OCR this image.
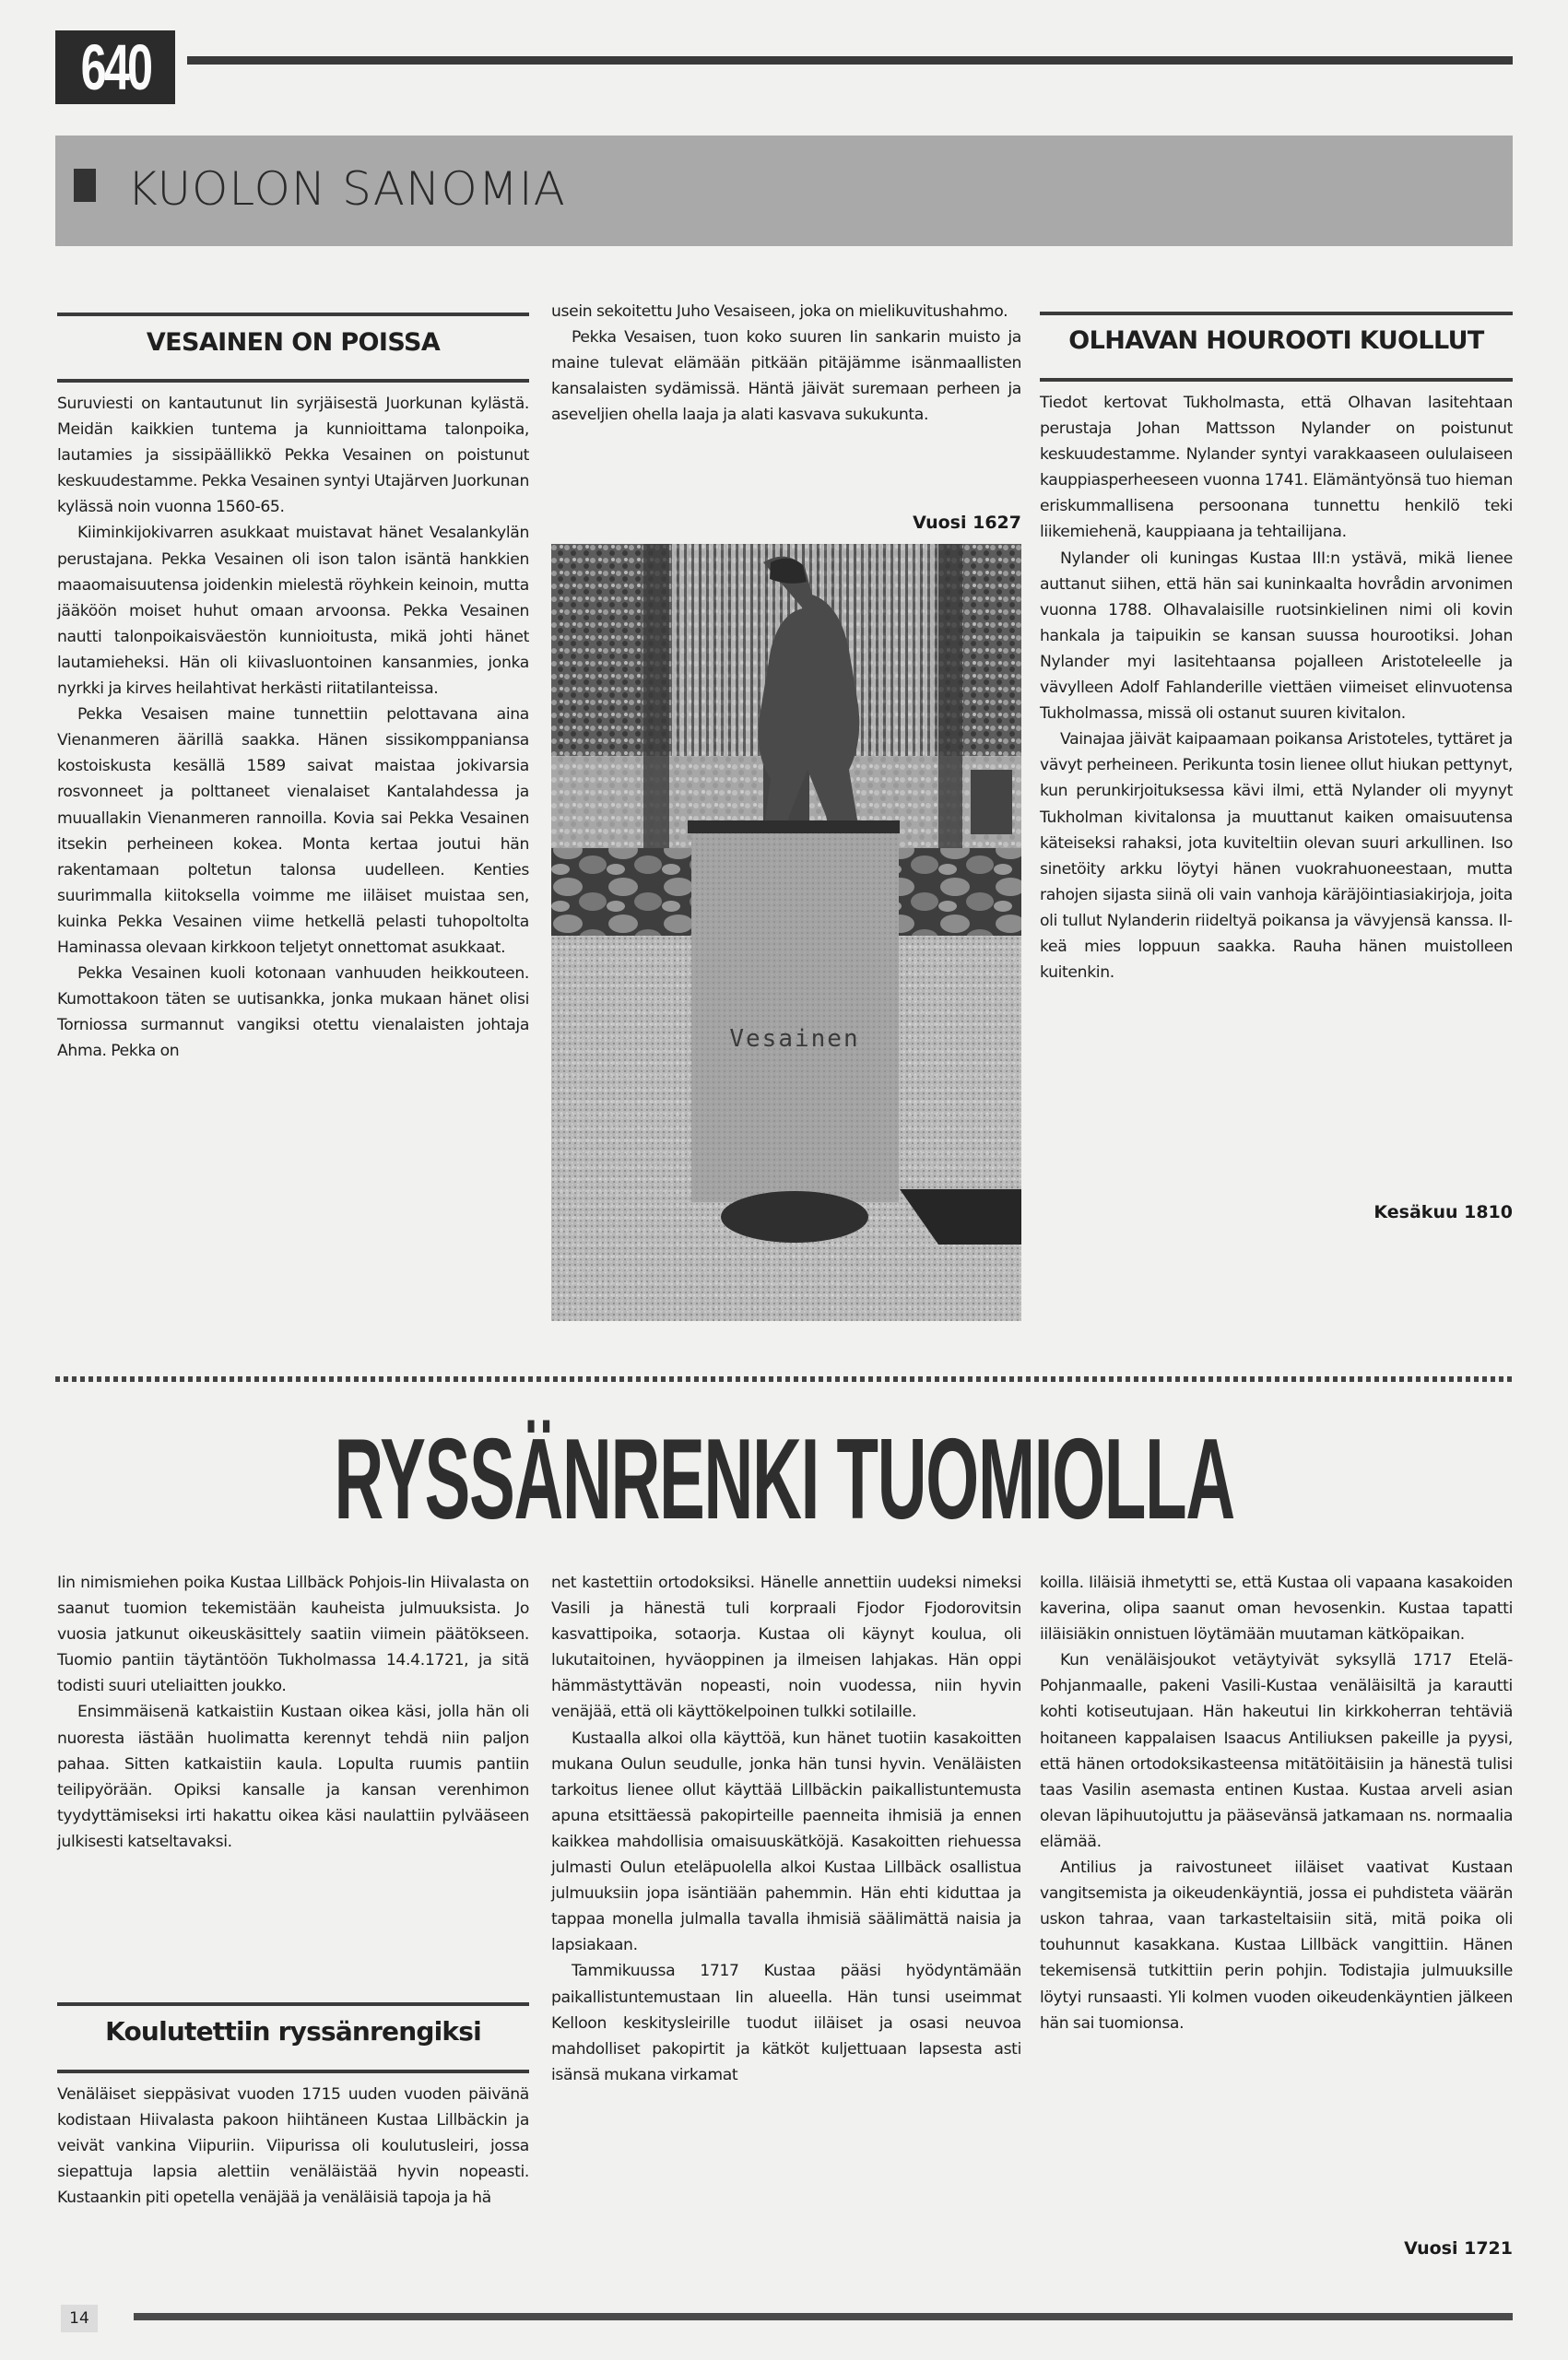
640
KUOLON SANOMIA
VESAINEN ON POISSA

Suruviesti on kantautunut Iin syrjäisestä Juorkunan kylästä. Meidän kaikkien tuntema ja kunnioittama talonpoika, lautamies ja sissipäällikkö Pekka Vesainen on poistunut keskuudestamme. Pekka Vesainen syntyi Utajärven Juorkunan kylässä noin vuonna 1560-65.

Kiiminkijokivarren asukkaat muistavat hänet Vesalankylän perustajana. Pekka Vesainen oli ison talon isäntä hankkien maaomaisuutensa joidenkin mielestä röyhkein keinoin, mutta jääköön moiset huhut omaan arvoonsa. Pekka Vesainen nautti talonpoikaisväestön kunnioitusta, mikä johti hänet lautamieheksi. Hän oli kiivasluontoinen kansanmies, jonka nyrkki ja kirves heilahtivat herkästi riitatilanteissa.

Pekka Vesaisen maine tunnettiin pelottavana aina Vienanmeren äärillä saakka. Hänen sissikomppaniansa kostoiskusta kesällä 1589 saivat maistaa jokivarsia rosvonneet ja polttaneet vienalaiset Kantalahdessa ja muuallakin Vienanmeren rannoilla. Kovia sai Pekka Vesainen itsekin perheineen kokea. Monta kertaa joutui hän rakentamaan poltetun talonsa uudelleen. Kenties suurimmalla kiitoksella voimme me iiläiset muistaa sen, kuinka Pekka Vesainen viime hetkellä pelasti tuhopoltolta Haminassa olevaan kirkkoon teljetyt onnettomat asukkaat.

Pekka Vesainen kuoli kotonaan vanhuuden heikkouteen. Kumottakoon täten se uutisankka, jonka mukaan hänet olisi Torniossa surmannut vangiksi otettu vienalaisten johtaja Ahma. Pekka on

usein sekoitettu Juho Vesaiseen, joka on mielikuvitushahmo.

Pekka Vesaisen, tuon koko suuren Iin sankarin muisto ja maine tulevat elämään pitkään pitäjämme isänmaallisten kansalaisten sydämissä. Häntä jäivät suremaan perheen ja aseveljien ohella laaja ja alati kasvava sukukunta.

Vuosi 1627
Vesainen
OLHAVAN HOUROOTI KUOLLUT

Tiedot kertovat Tukholmasta, että Olhavan lasitehtaan perustaja Johan Mattsson Nylander on poistunut keskuudestamme. Nylander syntyi varakkaaseen oululaiseen kauppiasperheeseen vuonna 1741. Elämäntyönsä tuo hieman eriskummallisena persoonana tunnettu henkilö teki liikemiehenä, kauppiaana ja tehtailijana.

Nylander oli kuningas Kustaa III:n ystävä, mikä lienee auttanut siihen, että hän sai kuninkaalta hovrådin arvonimen vuonna 1788. Olhavalaisille ruotsinkielinen nimi oli kovin hankala ja taipuikin se kansan suussa hourootiksi. Johan Nylander myi lasitehtaansa pojalleen Aristoteleelle ja vävylleen Adolf Fahlanderille viettäen viimeiset elinvuotensa Tukholmassa, missä oli ostanut suuren kivitalon.

Vainajaa jäivät kaipaamaan poikansa Aristoteles, tyttäret ja vävyt perheineen. Perikunta tosin lienee ollut hiukan pettynyt, kun perunkirjoituksessa kävi ilmi, että Nylander oli myynyt Tukholman kivitalonsa ja muuttanut kaiken omaisuutensa käteiseksi rahaksi, jota kuviteltiin olevan suuri arkullinen. Iso sinetöity arkku löytyi hänen vuokrahuoneestaan, mutta rahojen sijasta siinä oli vain vanhoja käräjöintiasiakirjoja, joita oli tullut Nylanderin riideltyä poikansa ja vävyjensä kanssa. Ilkeä mies loppuun saakka. Rauha hänen muistolleen kuitenkin.

Kesäkuu 1810
RYSSÄNRENKI TUOMIOLLA

Iin nimismiehen poika Kustaa Lillbäck Pohjois-Iin Hiivalasta on saanut tuomion tekemistään kauheista julmuuksista. Jo vuosia jatkunut oikeuskäsittely saatiin viimein päätökseen. Tuomio pantiin täytäntöön Tukholmassa 14.4.1721, ja sitä todisti suuri uteliaitten joukko.

Ensimmäisenä katkaistiin Kustaan oikea käsi, jolla hän oli nuoresta iästään huolimatta kerennyt tehdä niin paljon pahaa. Sitten katkaistiin kaula. Lopulta ruumis pantiin teilipyörään. Opiksi kansalle ja kansan verenhimon tyydyttämiseksi irti hakattu oikea käsi naulattiin pylvääseen julkisesti katseltavaksi.

Koulutettiin ryssänrengiksi

Venäläiset sieppäsivat vuoden 1715 uuden vuoden päivänä kodistaan Hiivalasta pakoon hiihtäneen Kustaa Lillbäckin ja veivät vankina Viipuriin. Viipurissa oli koulutusleiri, jossa siepattuja lapsia alettiin venäläistää hyvin nopeasti. Kustaankin piti opetella venäjää ja venäläisiä tapoja ja hä

net kastettiin ortodoksiksi. Hänelle annettiin uudeksi nimeksi Vasili ja hänestä tuli korpraali Fjodor Fjodorovitsin kasvattipoika, sotaorja. Kustaa oli käynyt koulua, oli lukutaitoinen, hyväoppinen ja ilmeisen lahjakas. Hän oppi hämmästyttävän nopeasti, noin vuodessa, niin hyvin venäjää, että oli käyttökelpoinen tulkki sotilaille.

Kustaalla alkoi olla käyttöä, kun hänet tuotiin kasakoitten mukana Oulun seudulle, jonka hän tunsi hyvin. Venäläisten tarkoitus lienee ollut käyttää Lillbäckin paikallistuntemusta apuna etsittäessä pakopirteille paenneita ihmisiä ja ennen kaikkea mahdollisia omaisuuskätköjä. Kasakoitten riehuessa julmasti Oulun eteläpuolella alkoi Kustaa Lillbäck osallistua julmuuksiin jopa isäntiään pahemmin. Hän ehti kiduttaa ja tappaa monella julmalla tavalla ihmisiä säälimättä naisia ja lapsiakaan.

Tammikuussa 1717 Kustaa pääsi hyödyntämään paikallistuntemustaan Iin alueella. Hän tunsi useimmat Kelloon keskitysleirille tuodut iiläiset ja osasi neuvoa mahdolliset pakopirtit ja kätköt kuljettuaan lapsesta asti isänsä mukana virkamat

koilla. Iiläisiä ihmetytti se, että Kustaa oli vapaana kasakoiden kaverina, olipa saanut oman hevosenkin. Kustaa tapatti iiläisiäkin onnistuen löytämään muutaman kätköpaikan.

Kun venäläisjoukot vetäytyivät syksyllä 1717 Etelä-Pohjanmaalle, pakeni Vasili-Kustaa venäläisiltä ja karautti kohti kotiseutujaan. Hän hakeutui Iin kirkkoherran tehtäviä hoitaneen kappalaisen Isaacus Antiliuksen pakeille ja pyysi, että hänen ortodoksikasteensa mitätöitäisiin ja hänestä tulisi taas Vasilin asemasta entinen Kustaa. Kustaa arveli asian olevan läpihuutojuttu ja pääsevänsä jatkamaan ns. normaalia elämää.

Antilius ja raivostuneet iiläiset vaativat Kustaan vangitsemista ja oikeudenkäyntiä, jossa ei puhdisteta väärän uskon tahraa, vaan tarkasteltaisiin sitä, mitä poika oli touhunnut kasakkana. Kustaa Lillbäck vangittiin. Hänen tekemisensä tutkittiin perin pohjin. Todistajia julmuuksille löytyi runsaasti. Yli kolmen vuoden oikeudenkäyntien jälkeen hän sai tuomionsa.

Vuosi 1721
14
